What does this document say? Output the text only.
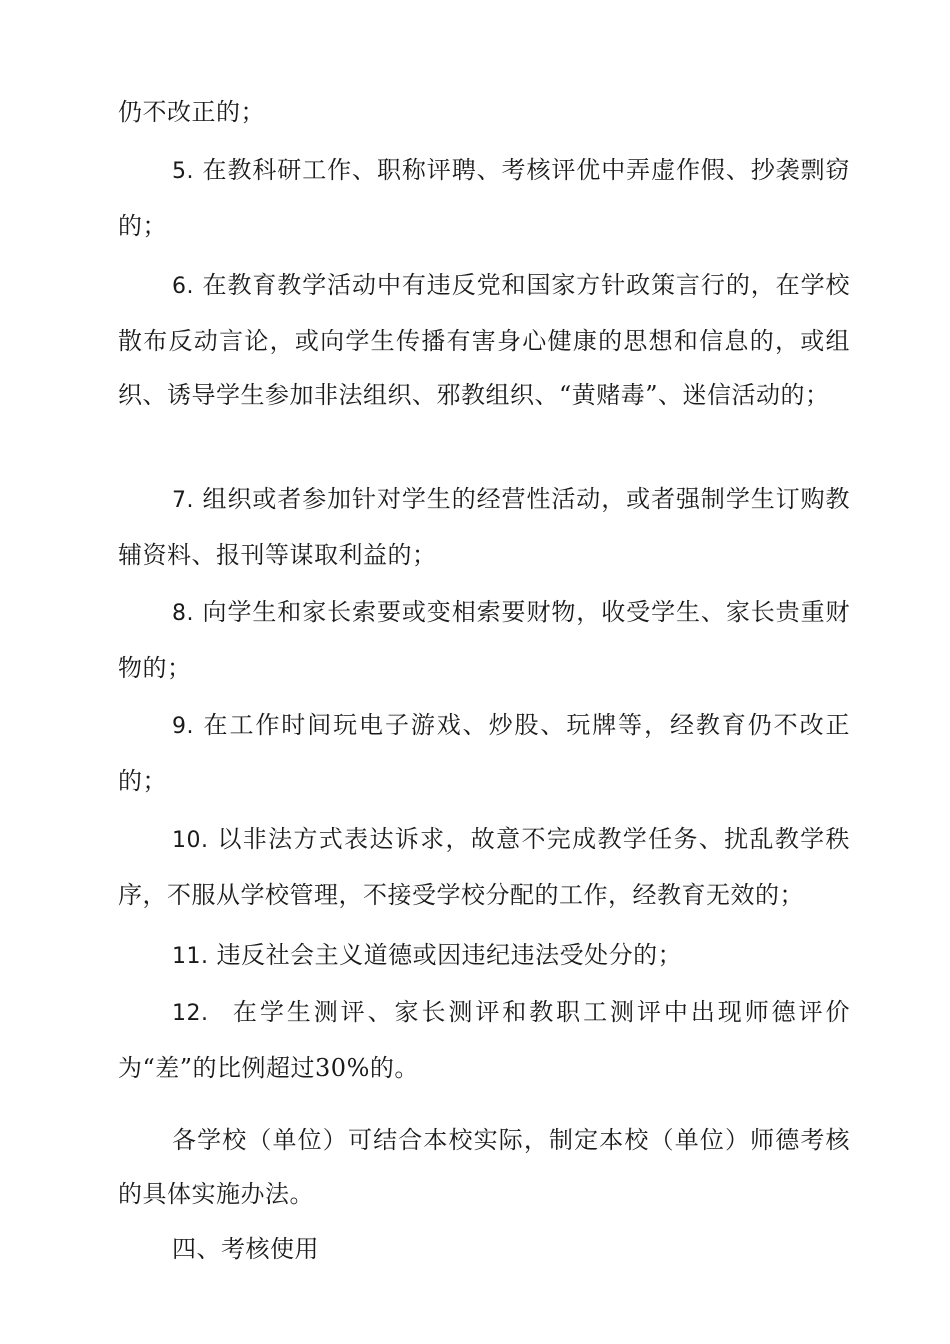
仍不改正的；

5. 在教科研工作、职称评聘、考核评优中弄虚作假、抄袭剽窃的；

6. 在教育教学活动中有违反党和国家方针政策言行的，在学校散布反动言论，或向学生传播有害身心健康的思想和信息的，或组织、诱导学生参加非法组织、邪教组织、“黄赌毒”、迷信活动的；

7. 组织或者参加针对学生的经营性活动，或者强制学生订购教辅资料、报刊等谋取利益的；

8. 向学生和家长索要或变相索要财物，收受学生、家长贵重财物的；

9. 在工作时间玩电子游戏、炒股、玩牌等，经教育仍不改正的；

10. 以非法方式表达诉求，故意不完成教学任务、扰乱教学秩序，不服从学校管理，不接受学校分配的工作，经教育无效的；

11. 违反社会主义道德或因违纪违法受处分的；

12. 在学生测评、家长测评和教职工测评中出现师德评价为“差”的比例超过30%的。

各学校（单位）可结合本校实际，制定本校（单位）师德考核的具体实施办法。

四、考核使用
